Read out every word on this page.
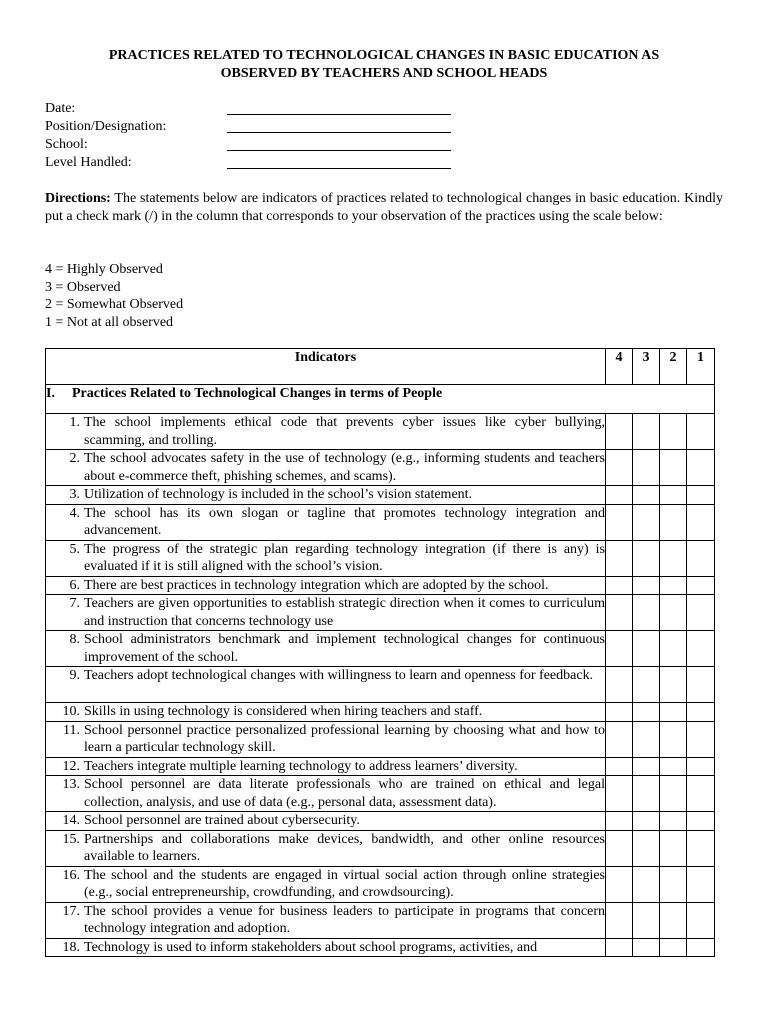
PRACTICES RELATED TO TECHNOLOGICAL CHANGES IN BASIC EDUCATION AS
OBSERVED BY TEACHERS AND SCHOOL HEADS
Date:
Position/Designation:
School:
Level Handled:
Directions: The statements below are indicators of practices related to technological changes in basic education. Kindly put a check mark (/) in the column that corresponds to your observation of the practices using the scale below:
4 = Highly Observed
3 = Observed
2 = Somewhat Observed
1 = Not at all observed
Indicators	4	3	2	1
I. Practices Related to Technological Changes in terms of People				

1. The school implements ethical code that prevents cyber issues like cyber bullying, scamming, and trolling.				

2. The school advocates safety in the use of technology (e.g., informing students and teachers about e-commerce theft, phishing schemes, and scams).				

3. Utilization of technology is included in the school’s vision statement.				

4. The school has its own slogan or tagline that promotes technology integration and advancement.				

5. The progress of the strategic plan regarding technology integration (if there is any) is evaluated if it is still aligned with the school’s vision.				

6. There are best practices in technology integration which are adopted by the school.				

7. Teachers are given opportunities to establish strategic direction when it comes to curriculum and instruction that concerns technology use				

8. School administrators benchmark and implement technological changes for continuous improvement of the school.				

9. Teachers adopt technological changes with willingness to learn and openness for feedback.				

10. Skills in using technology is considered when hiring teachers and staff.				

11. School personnel practice personalized professional learning by choosing what and how to learn a particular technology skill.				

12. Teachers integrate multiple learning technology to address learners’ diversity.				

13. School personnel are data literate professionals who are trained on ethical and legal collection, analysis, and use of data (e.g., personal data, assessment data).				

14. School personnel are trained about cybersecurity.				

15. Partnerships and collaborations make devices, bandwidth, and other online resources available to learners.				

16. The school and the students are engaged in virtual social action through online strategies (e.g., social entrepreneurship, crowdfunding, and crowdsourcing).				

17. The school provides a venue for business leaders to participate in programs that concern technology integration and adoption.				

18. Technology is used to inform stakeholders about school programs, activities, and				
